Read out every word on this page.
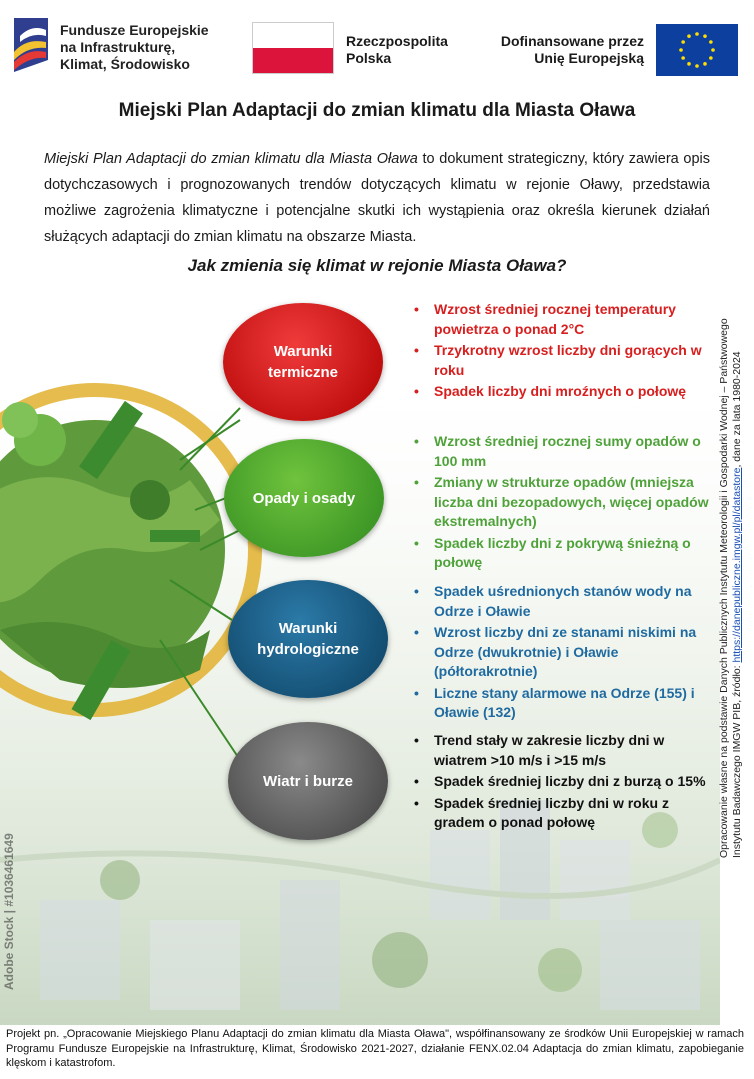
Fundusze Europejskie
na Infrastrukturę,
Klimat, Środowisko
Rzeczpospolita
Polska
Dofinansowane przez
Unię Europejską
Miejski Plan Adaptacji do zmian klimatu dla Miasta Oława
Miejski Plan Adaptacji do zmian klimatu dla Miasta Oława to dokument strategiczny, który zawiera opis dotychczasowych i prognozowanych trendów dotyczących klimatu w rejonie Oławy, przedstawia możliwe zagrożenia klimatyczne i potencjalne skutki ich wystąpienia oraz określa kierunek działań służących adaptacji do zmian klimatu na obszarze Miasta.
Jak zmienia się klimat w rejonie Miasta Oława?
Warunki
termiczne
Opady i osady
Warunki
hydrologiczne
Wiatr i burze
• Wzrost średniej rocznej temperatury powietrza o ponad 2°C
• Trzykrotny wzrost liczby dni gorących w roku
• Spadek liczby dni mroźnych o połowę
• Wzrost średniej rocznej sumy opadów o 100 mm
• Zmiany w strukturze opadów (mniejsza liczba dni bezopadowych, więcej opadów ekstremalnych)
• Spadek liczby dni z pokrywą śnieżną o połowę
• Spadek uśrednionych stanów wody na Odrze i Oławie
• Wzrost liczby dni ze stanami niskimi na Odrze (dwukrotnie) i Oławie (półtorakrotnie)
• Liczne stany alarmowe na Odrze (155) i Oławie (132)
• Trend stały w zakresie liczby dni w wiatrem >10 m/s i >15 m/s
• Spadek średniej liczby dni z burzą o 15%
• Spadek średniej liczby dni w roku z gradem o ponad połowę	Opracowanie własne na podstawie Danych Publicznych Instytutu Meteorologii i Gospodarki Wodnej – Państwowego Instytutu Badawczego IMGW PIB, źródło: https://danepubliczne.imgw.pl/pl/datastore, dane za lata 1980-2024
Adobe Stock | #1036461649

Projekt pn. „Opracowanie Miejskiego Planu Adaptacji do zmian klimatu dla Miasta Oława", współfinansowany ze środków Unii Europejskiej w ramach Programu Fundusze Europejskie na Infrastrukturę, Klimat, Środowisko 2021-2027, działanie FENX.02.04 Adaptacja do zmian klimatu, zapobieganie klęskom i katastrofom.
